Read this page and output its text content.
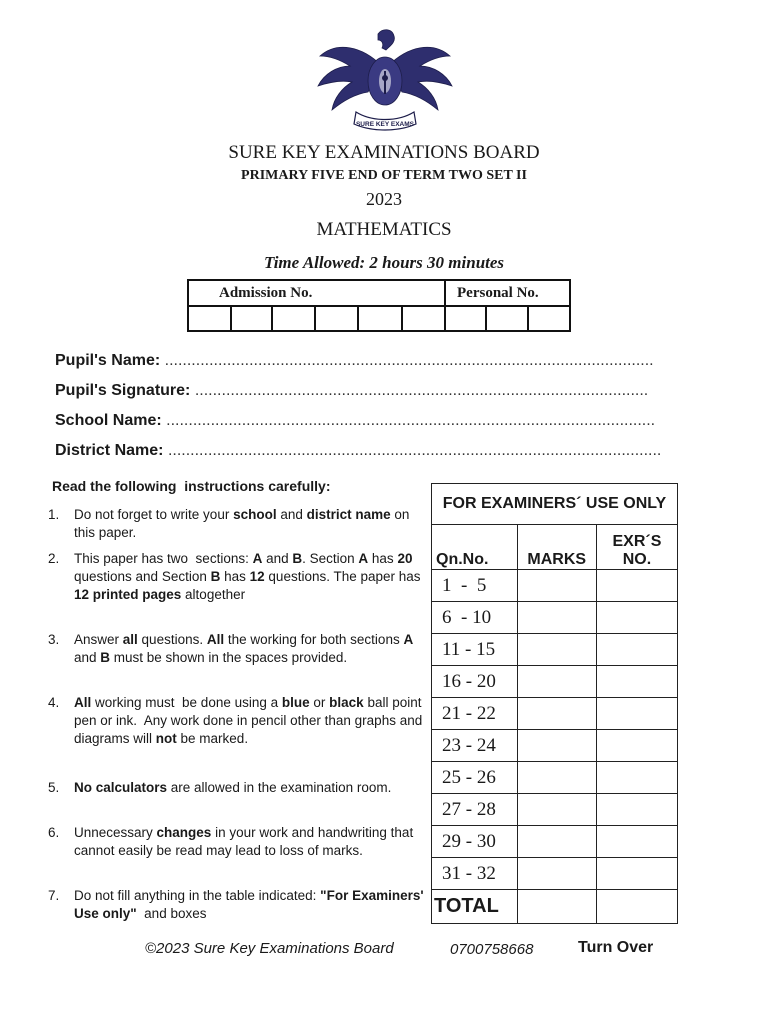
SURE KEY EXAMS
SURE KEY EXAMINATIONS BOARD
PRIMARY FIVE END OF TERM TWO SET II
2023
MATHEMATICS
Time Allowed: 2 hours 30 minutes
Admission No.	Personal No.
Pupil's Name: ..............................................................................................................
Pupil's Signature: ......................................................................................................
School Name: ..............................................................................................................
District Name: ...............................................................................................................
Read the following  instructions carefully:
1.	Do not forget to write your school and district name on this paper.
2.	This paper has two  sections: A and B. Section A has 20 questions and Section B has 12 questions. The paper has 12 printed pages altogether
3.	Answer all questions. All the working for both sections A and B must be shown in the spaces provided.
4.	All working must  be done using a blue or black ball point pen or ink.  Any work done in pencil other than graphs and diagrams will not be marked.
5.	No calculators are allowed in the examination room.
6.	Unnecessary changes in your work and handwriting that cannot easily be read may lead to loss of marks.
7.	Do not fill anything in the table indicated: "For Examiners' Use only"  and boxes
FOR EXAMINERS´ USE ONLY		
Qn.No.	MARKS	EXR´S NO.
1  -  5		
6  - 10		
11 - 15		
16 - 20		
21 - 22		
23 - 24		
25 - 26		
27 - 28		
29 - 30		
31 - 32		
TOTAL		
©2023 Sure Key Examinations Board	0700758668	Turn Over
